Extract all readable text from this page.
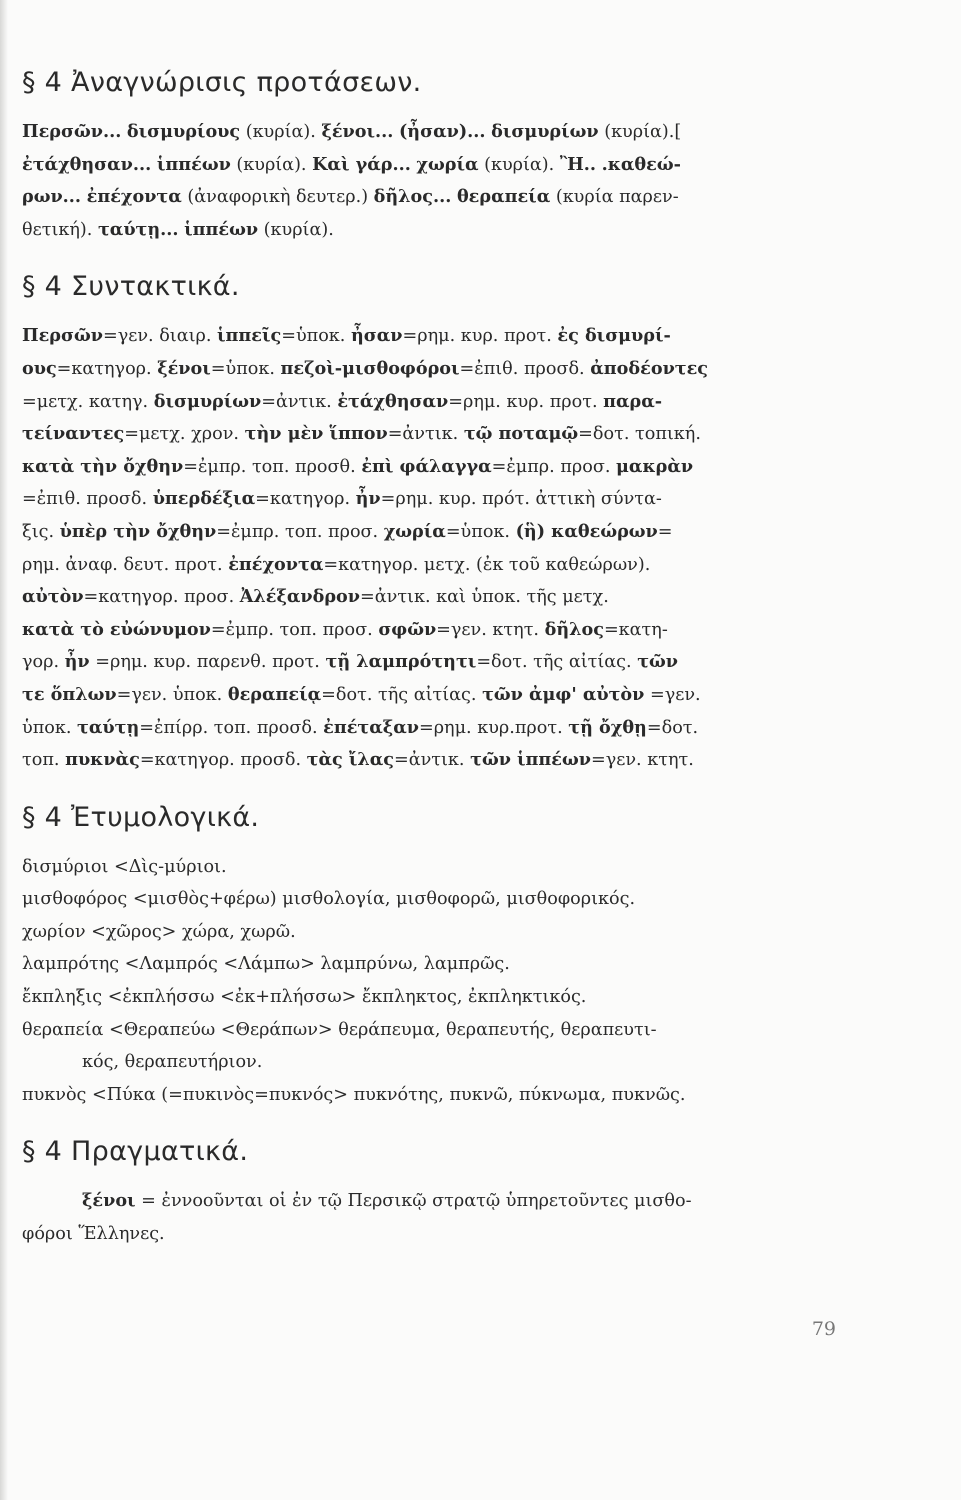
§ 4 Ἀναγνώρισις προτάσεων.

Περσῶν... δισμυρίους (κυρία). ξένοι... (ἦσαν)... δισμυρίων (κυρία).[
ἐτάχθησαν... ἱππέων (κυρία). Καὶ γάρ... χωρία (κυρία). Ἢ.. .καθεώ-
ρων... ἐπέχοντα (ἀναφορικὴ δευτερ.) δῆλος... θεραπεία (κυρία παρεν-
θετική). ταύτῃ... ἱππέων (κυρία).

§ 4 Συντακτικά.

Περσῶν=γεν. διαιρ. ἱππεῖς=ὑποκ. ἦσαν=ρημ. κυρ. προτ. ἐς δισμυρί-
ους=κατηγορ. ξένοι=ὑποκ. πεζοὶ-μισθοφόροι=ἐπιθ. προσδ. ἀποδέοντες
=μετχ. κατηγ. δισμυρίων=ἀντικ. ἐτάχθησαν=ρημ. κυρ. προτ. παρα-
τείναντες=μετχ. χρον. τὴν μὲν ἵππον=ἀντικ. τῷ ποταμῷ=δοτ. τοπική.
κατὰ τὴν ὄχθην=ἐμπρ. τοπ. προσθ. ἐπὶ φάλαγγα=ἐμπρ. προσ. μακρὰν
=ἐπιθ. προσδ. ὑπερδέξια=κατηγορ. ἦν=ρημ. κυρ. πρότ. ἀττικὴ σύντα-
ξις. ὑπὲρ τὴν ὄχθην=ἐμπρ. τοπ. προσ. χωρία=ὑποκ. (ἣ) καθεώρων=
ρημ. ἀναφ. δευτ. προτ. ἐπέχοντα=κατηγορ. μετχ. (ἐκ τοῦ καθεώρων).
αὐτὸν=κατηγορ. προσ. Ἀλέξανδρον=ἀντικ. καὶ ὑποκ. τῆς μετχ.
κατὰ τὸ εὐώνυμον=ἐμπρ. τοπ. προσ. σφῶν=γεν. κτητ. δῆλος=κατη-
γορ. ἦν =ρημ. κυρ. παρενθ. προτ. τῇ λαμπρότητι=δοτ. τῆς αἰτίας. τῶν
τε ὅπλων=γεν. ὑποκ. θεραπείᾳ=δοτ. τῆς αἰτίας. τῶν ἀμφ' αὐτὸν =γεν.
ὑποκ. ταύτῃ=ἐπίρρ. τοπ. προσδ. ἐπέταξαν=ρημ. κυρ.προτ. τῇ ὄχθῃ=δοτ.
τοπ. πυκνὰς=κατηγορ. προσδ. τὰς ἴλας=ἀντικ. τῶν ἱππέων=γεν. κτητ.

§ 4 Ἐτυμολογικά.

δισμύριοι <Δὶς-μύριοι.
μισθοφόρος <μισθὸς+φέρω) μισθολογία, μισθοφορῶ, μισθοφορικός.
χωρίον <χῶρος> χώρα, χωρῶ.
λαμπρότης <Λαμπρός <Λάμπω> λαμπρύνω, λαμπρῶς.
ἔκπληξις <ἐκπλήσσω <ἐκ+πλήσσω> ἔκπληκτος, ἐκπληκτικός.
θεραπεία <Θεραπεύω <Θεράπων> θεράπευμα, θεραπευτής, θεραπευτι-
κός, θεραπευτήριον.
πυκνὸς <Πύκα (=πυκινὸς=πυκνός> πυκνότης, πυκνῶ, πύκνωμα, πυκνῶς.

§ 4 Πραγματικά.

ξένοι = ἐννοοῦνται οἱ ἐν τῷ Περσικῷ στρατῷ ὑπηρετοῦντες μισθο-
φόροι Ἕλληνες.

79
